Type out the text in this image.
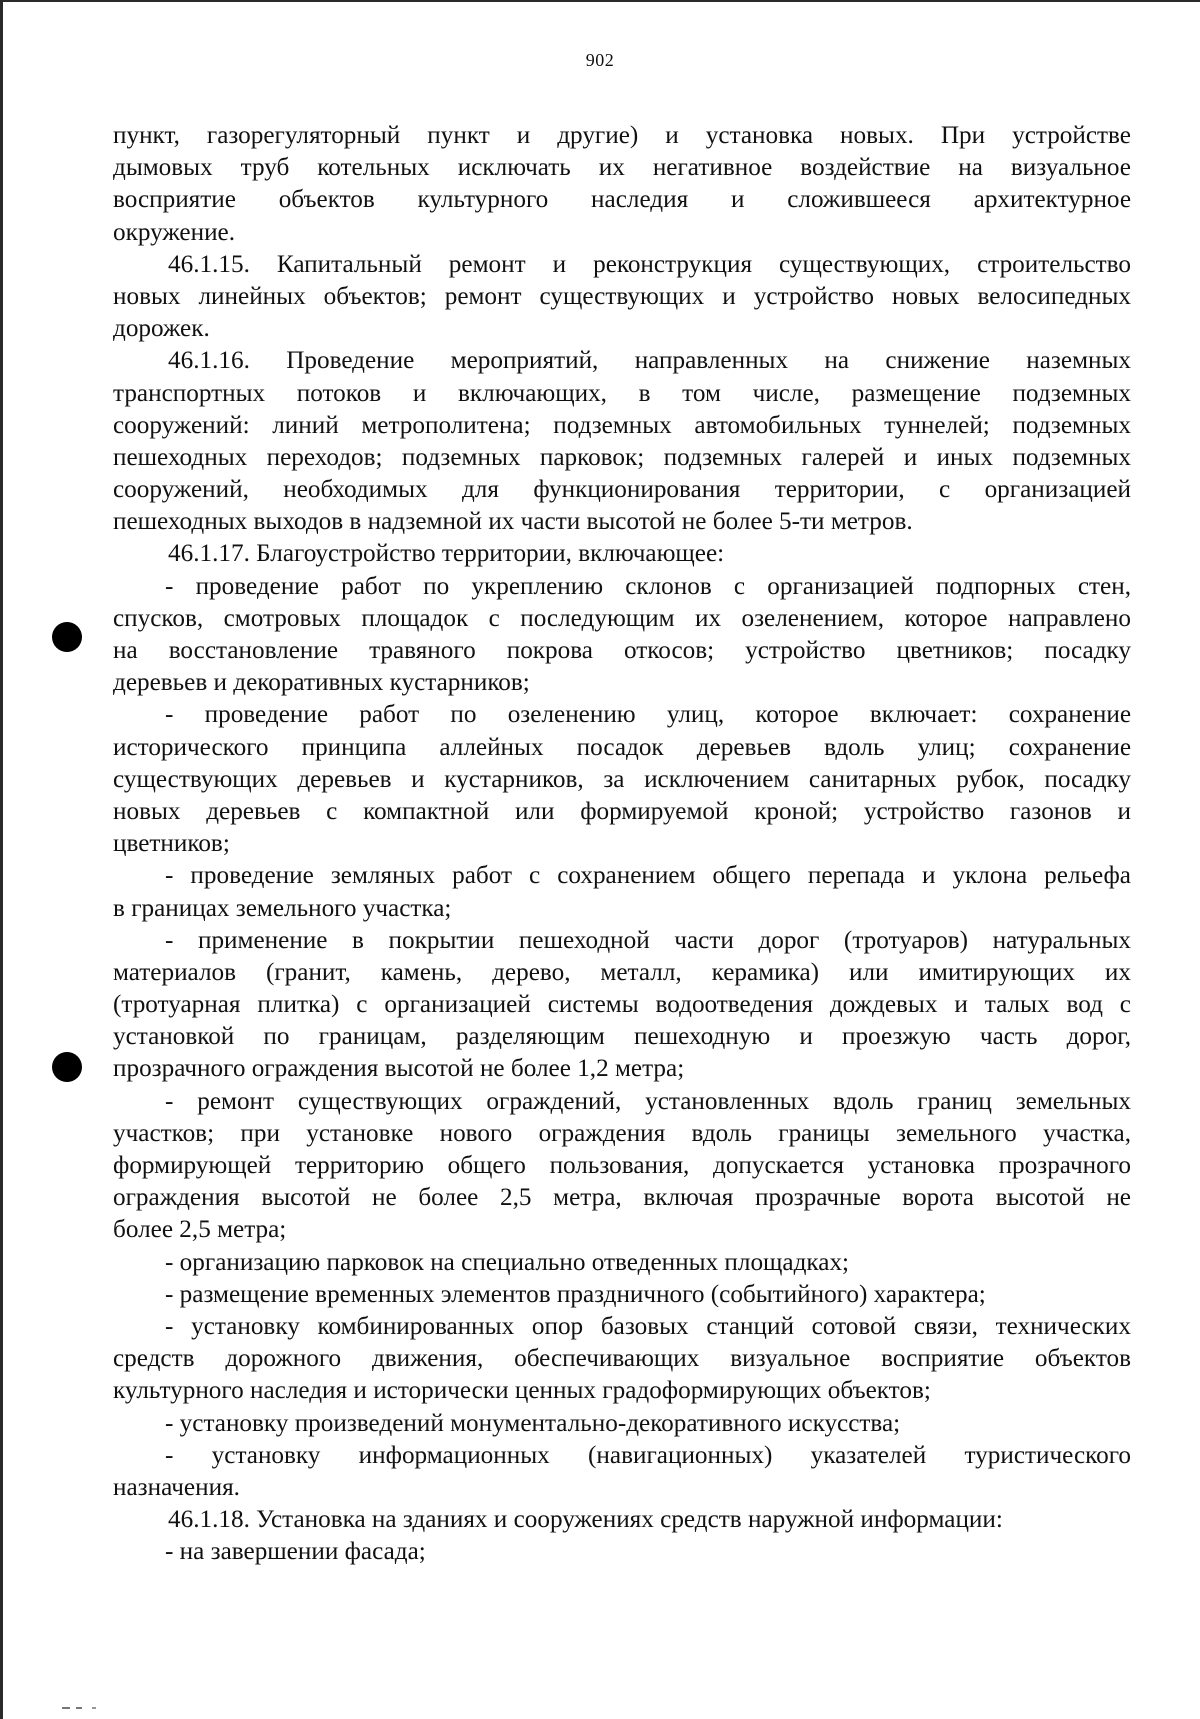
902
пункт, газорегуляторный пункт и другие) и установка новых. При устройстве
дымовых труб котельных исключать их негативное воздействие на визуальное
восприятие объектов культурного наследия и сложившееся архитектурное
окружение.
46.1.15. Капитальный ремонт и реконструкция существующих, строительство
новых линейных объектов; ремонт существующих и устройство новых велосипедных
дорожек.
46.1.16. Проведение мероприятий, направленных на снижение наземных
транспортных потоков и включающих, в том числе, размещение подземных
сооружений: линий метрополитена; подземных автомобильных туннелей; подземных
пешеходных переходов; подземных парковок; подземных галерей и иных подземных
сооружений, необходимых для функционирования территории, с организацией
пешеходных выходов в надземной их части высотой не более 5-ти метров.
46.1.17. Благоустройство территории, включающее:
- проведение работ по укреплению склонов с организацией подпорных стен,
спусков, смотровых площадок с последующим их озеленением, которое направлено
на восстановление травяного покрова откосов; устройство цветников; посадку
деревьев и декоративных кустарников;
- проведение работ по озеленению улиц, которое включает: сохранение
исторического принципа аллейных посадок деревьев вдоль улиц; сохранение
существующих деревьев и кустарников, за исключением санитарных рубок, посадку
новых деревьев с компактной или формируемой кроной; устройство газонов и
цветников;
- проведение земляных работ с сохранением общего перепада и уклона рельефа
в границах земельного участка;
- применение в покрытии пешеходной части дорог (тротуаров) натуральных
материалов (гранит, камень, дерево, металл, керамика) или имитирующих их
(тротуарная плитка) с организацией системы водоотведения дождевых и талых вод с
установкой по границам, разделяющим пешеходную и проезжую часть дорог,
прозрачного ограждения высотой не более 1,2 метра;
- ремонт существующих ограждений, установленных вдоль границ земельных
участков; при установке нового ограждения вдоль границы земельного участка,
формирующей территорию общего пользования, допускается установка прозрачного
ограждения высотой не более 2,5 метра, включая прозрачные ворота высотой не
более 2,5 метра;
- организацию парковок на специально отведенных площадках;
- размещение временных элементов праздничного (событийного) характера;
- установку комбинированных опор базовых станций сотовой связи, технических
средств дорожного движения, обеспечивающих визуальное восприятие объектов
культурного наследия и исторически ценных градоформирующих объектов;
- установку произведений монументально-декоративного искусства;
- установку информационных (навигационных) указателей туристического
назначения.
46.1.18. Установка на зданиях и сооружениях средств наружной информации:
- на завершении фасада;
